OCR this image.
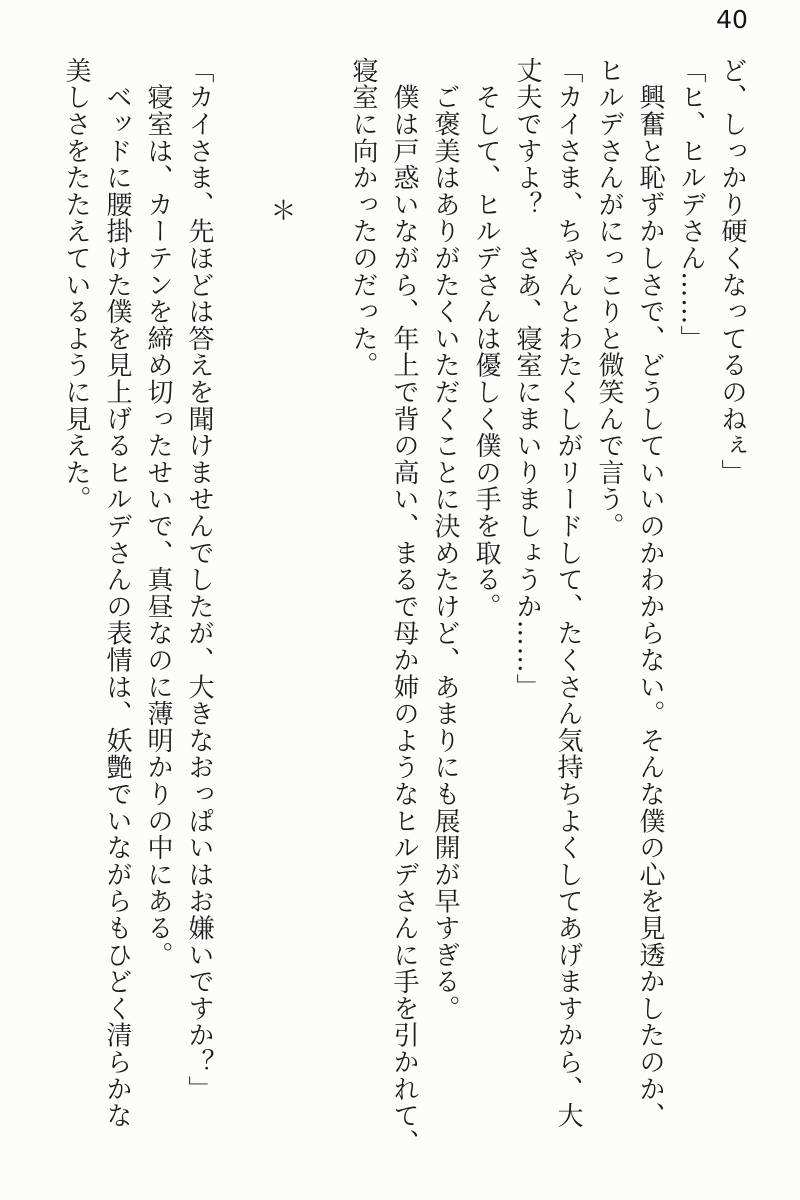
40
ど、しっかり硬くなってるのねぇ」
「ヒ、ヒルデさん……」
　興奮と恥ずかしさで、どうしていいのかわからない。そんな僕の心を見透かしたのか、
ヒルデさんがにっこりと微笑んで言う。
「カイさま、ちゃんとわたくしがリードして、たくさん気持ちよくしてあげますから、大
丈夫ですよ？　さあ、寝室にまいりましょうか……」
　そして、ヒルデさんは優しく僕の手を取る。
　ご褒美はありがたくいただくことに決めたけど、あまりにも展開が早すぎる。
　僕は戸惑いながら、年上で背の高い、まるで母か姉のようなヒルデさんに手を引かれて、
寝室に向かったのだった。
＊
「カイさま、先ほどは答えを聞けませんでしたが、大きなおっぱいはお嫌いですか？」
　寝室は、カーテンを締め切ったせいで、真昼なのに薄明かりの中にある。
　ベッドに腰掛けた僕を見上げるヒルデさんの表情は、妖艶でいながらもひどく清らかな
美しさをたたえているように見えた。
